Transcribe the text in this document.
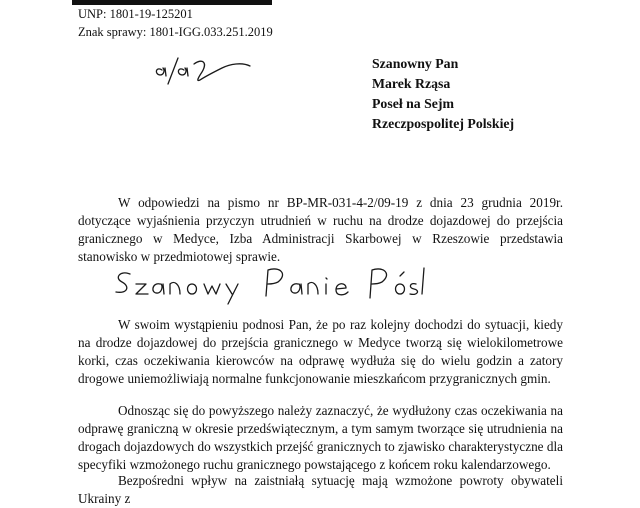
UNP: 1801-19-125201
Znak sprawy: 1801-IGG.033.251.2019
Szanowny Pan
Marek Rząsa
Poseł na Sejm
Rzeczpospolitej Polskiej
W odpowiedzi na pismo nr BP-MR-031-4-2/09-19 z dnia 23 grudnia 2019r. dotyczące wyjaśnienia przyczyn utrudnień w ruchu na drodze dojazdowej do przejścia granicznego w Medyce, Izba Administracji Skarbowej w Rzeszowie przedstawia stanowisko w przedmiotowej sprawie.
W swoim wystąpieniu podnosi Pan, że po raz kolejny dochodzi do sytuacji, kiedy na drodze dojazdowej do przejścia granicznego w Medyce tworzą się wielokilometrowe korki, czas oczekiwania kierowców na odprawę wydłuża się do wielu godzin a zatory drogowe uniemożliwiają normalne funkcjonowanie mieszkańcom przygranicznych gmin.
Odnosząc się do powyższego należy zaznaczyć, że wydłużony czas oczekiwania na odprawę graniczną w okresie przedświątecznym, a tym samym tworzące się utrudnienia na drogach dojazdowych do wszystkich przejść granicznych to zjawisko charakterystyczne dla specyfiki wzmożonego ruchu granicznego powstającego z końcem roku kalendarzowego.
Bezpośredni wpływ na zaistniałą sytuację mają wzmożone powroty obywateli Ukrainy z
